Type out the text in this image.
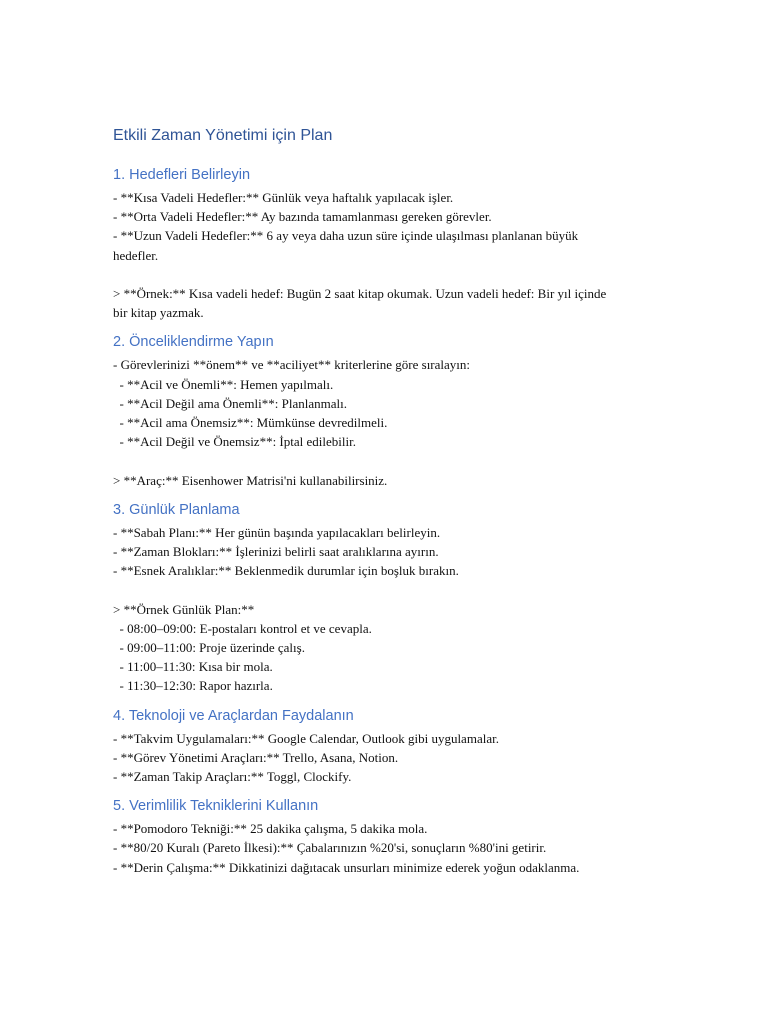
Etkili Zaman Yönetimi için Plan
1. Hedefleri Belirleyin

- **Kısa Vadeli Hedefler:** Günlük veya haftalık yapılacak işler.

- **Orta Vadeli Hedefler:** Ay bazında tamamlanması gereken görevler.

- **Uzun Vadeli Hedefler:** 6 ay veya daha uzun süre içinde ulaşılması planlanan büyük

hedefler.

> **Örnek:** Kısa vadeli hedef: Bugün 2 saat kitap okumak. Uzun vadeli hedef: Bir yıl içinde

bir kitap yazmak.

2. Önceliklendirme Yapın

- Görevlerinizi **önem** ve **aciliyet** kriterlerine göre sıralayın:

- **Acil ve Önemli**: Hemen yapılmalı.

- **Acil Değil ama Önemli**: Planlanmalı.

- **Acil ama Önemsiz**: Mümkünse devredilmeli.

- **Acil Değil ve Önemsiz**: İptal edilebilir.

> **Araç:** Eisenhower Matrisi'ni kullanabilirsiniz.

3. Günlük Planlama

- **Sabah Planı:** Her günün başında yapılacakları belirleyin.

- **Zaman Blokları:** İşlerinizi belirli saat aralıklarına ayırın.

- **Esnek Aralıklar:** Beklenmedik durumlar için boşluk bırakın.

> **Örnek Günlük Plan:**

- 08:00–09:00: E-postaları kontrol et ve cevapla.

- 09:00–11:00: Proje üzerinde çalış.

- 11:00–11:30: Kısa bir mola.

- 11:30–12:30: Rapor hazırla.

4. Teknoloji ve Araçlardan Faydalanın

- **Takvim Uygulamaları:** Google Calendar, Outlook gibi uygulamalar.

- **Görev Yönetimi Araçları:** Trello, Asana, Notion.

- **Zaman Takip Araçları:** Toggl, Clockify.

5. Verimlilik Tekniklerini Kullanın

- **Pomodoro Tekniği:** 25 dakika çalışma, 5 dakika mola.

- **80/20 Kuralı (Pareto İlkesi):** Çabalarınızın %20'si, sonuçların %80'ini getirir.

- **Derin Çalışma:** Dikkatinizi dağıtacak unsurları minimize ederek yoğun odaklanma.
